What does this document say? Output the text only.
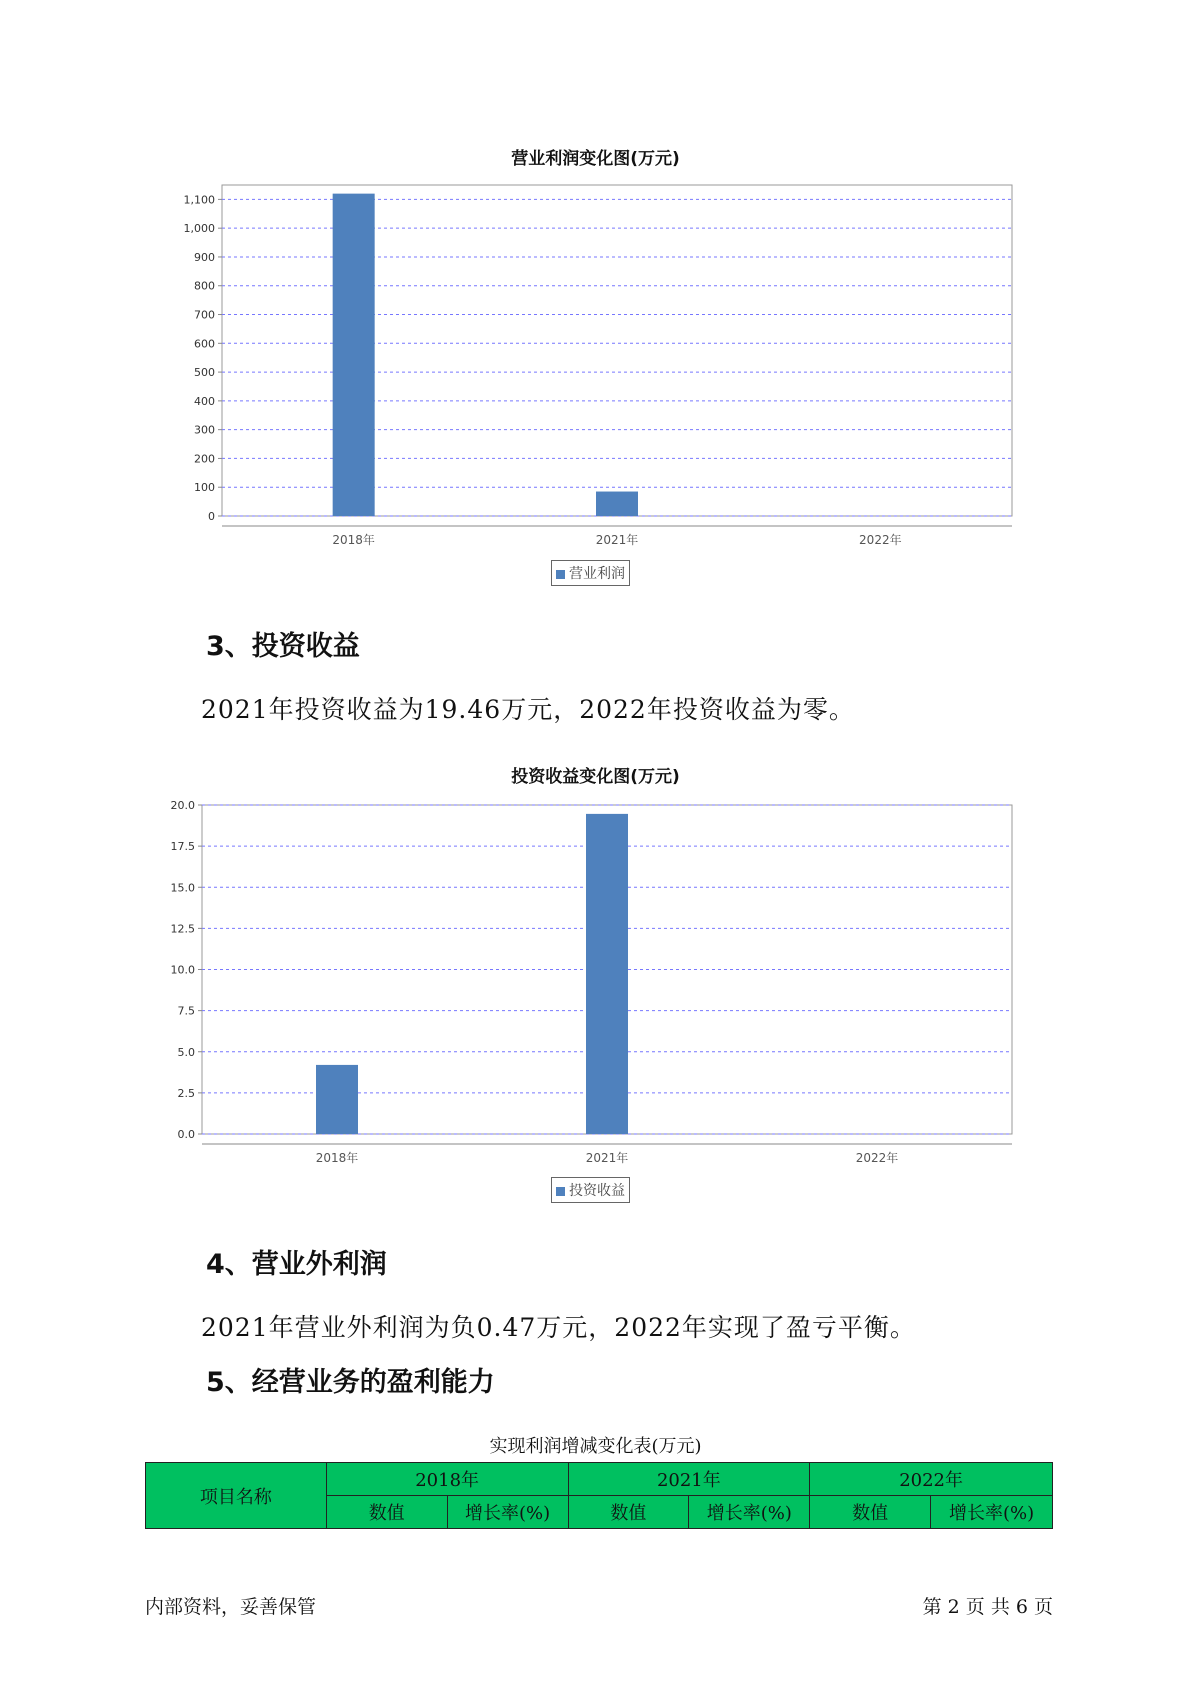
营业利润变化图(万元)
0
100
200
300
400
500
600
700
800
900
1,000
1,100
2018年	2021年	2022年
营业利润
3、投资收益
2021年投资收益为19.46万元，2022年投资收益为零。
投资收益变化图(万元)
0.0
2.5
5.0
7.5
10.0
12.5
15.0
17.5
20.0
2018年	2021年	2022年
投资收益
4、营业外利润
2021年营业外利润为负0.47万元，2022年实现了盈亏平衡。
5、经营业务的盈利能力
实现利润增减变化表(万元)
项目名称	2018年		2021年		2022年	
	数值	增长率(%)	数值	增长率(%)	数值	增长率(%)
内部资料，妥善保管	第 2 页 共 6 页
